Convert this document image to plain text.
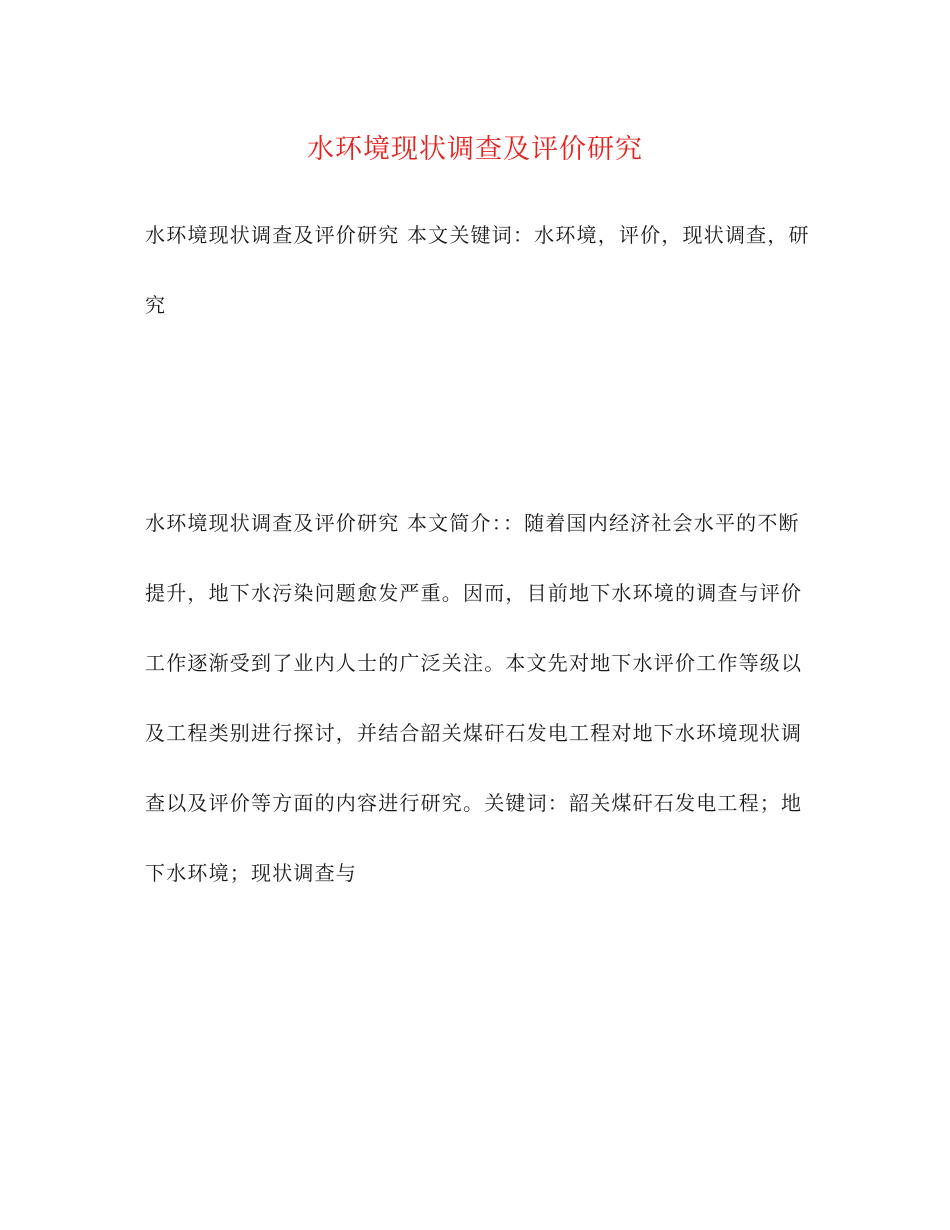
水环境现状调查及评价研究

水环境现状调查及评价研究 本文关键词：水环境，评价，现状调查，研究

水环境现状调查及评价研究 本文简介：：随着国内经济社会水平的不断提升，地下水污染问题愈发严重。因而，目前地下水环境的调查与评价工作逐渐受到了业内人士的广泛关注。本文先对地下水评价工作等级以及工程类别进行探讨，并结合韶关煤矸石发电工程对地下水环境现状调查以及评价等方面的内容进行研究。关键词：韶关煤矸石发电工程；地下水环境；现状调查与
